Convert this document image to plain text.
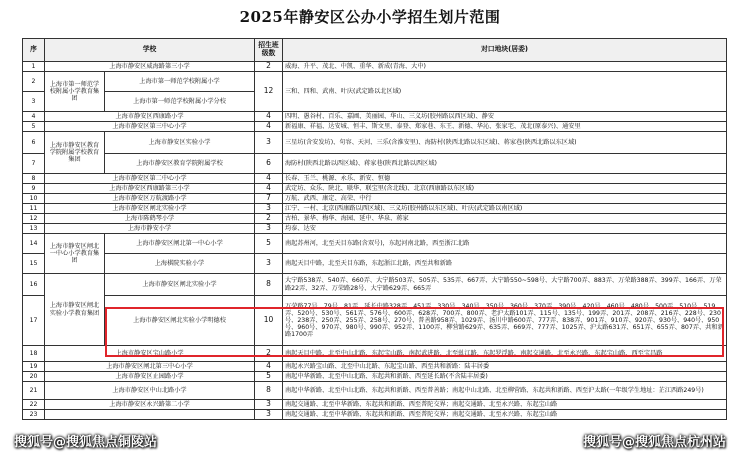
2025年静安区公办小学招生划片范围
序	学校		招生班级数	对口地块(居委)
1	上海市静安区威海路第三小学		2	威海、升平、茂北、中凯、重华、新成(青海、大中)
2	上海市第一师范学校附属小学教育集团	上海市第一师范学校附属小学	12	三和、四和、武南、叶庆(武定路以北区域)
3		上海市第一师范学校附属小学分校		
4	上海市静安区西康路小学		4	四明、愚谷村、百乐、嘉圃、美丽园、华山、三义坊(胶州路以西区域)、静安
5	上海市静安区第三中心小学		4	新福康、祥福、达安城、恒丰、斯文里、泰登、郑家巷、东王、新德、华沁、张家宅、茂北(原泰兴)、通安里
6	上海市静安区教育学院附属学校教育集团	上海市静安区实验小学	3	三星坊(含安发坊)、句容、天河、三乐(含淮安里)、海防村(陕西北路以东区域)、蒋家巷(陕西北路以东区域)
7		上海市静安区教育学院附属学校	6	海防村(陕西北路以西区域)、蒋家巷(陕西北路以西区域)
8	上海市静安区第二中心小学		4	长春、玉兰、桃源、永乐、新安、恒德
9	上海市静安区西康路第三小学		4	武定坊、众乐、陕北、联华、联宝里(含北线)、北京(西康路以东区域)
10	上海市静安区万航渡路小学		7	万航、武西、康定、高荣、中行
11	上海市静安区闸北实验小学		3	江宁、一村、北京(西康路以西区域)、三义坊(胶州路以东区域)、叶庆(武定路以南区域)
12	上海市陈鹤琴小学		2	古柏、景华、梅华、海园、延中、华泉、蒋家
13	上海市静安小学		3	均泰、达安
14	上海市静安区闸北一中心小学教育集团	上海市静安区闸北第一中心小学	5	南起苏州河，北至天目东路(含双号)，东起河南北路，西至浙江北路
15		上海棋院实验小学	3	南起天目中路，北至天目东路，东起浙江北路，西至共和新路
16	上海市静安区闸北实验小学教育集团	上海市静安区闸北实验小学	8	大宁路538弄、540弄、660弄、大宁路503弄、505弄、535弄、667弄、大宁路550~598号、大宁路700弄、883弄、万荣路388弄、399弄、166弄、万荣路22弄、32弄、万荣路28号、大宁路629弄、665弄
17		上海市静安区闸北实验小学明德校	10	万荣路77号、79号、81弄、延长中路328弄、451弄、330号、340号、350号、360号、370弄、390号、420号、460号、480号、500弄、510号、519弄、520号、530号、561弄、576号、600弄、628弄、700弄、800弄、老沪太路101弄、115号、135号、199弄、201弄、208弄、216弄、228号、230号、238弄、250弄、255弄、258号、270号、普善路958弄、1029弄、汤川中路600弄、777弄、838弄、901弄、910弄、920弄、930号、940号、950号、960号、970弄、980号、990弄、952弄、1100弄、柳营路629弄、635弄、669弄、777弄、1025弄、沪太路631弄、651弄、655弄、807弄、共和新路1700弄
18	上海市静安区宝山路小学		2	南起天目中路、北至中山北路、东起宝山路、南起武进路、北至虬江路、东起罗浮路、南起交通路、北至永兴路、东起宝山路、西至宝昌路
19	上海市静安区闸北第三中心小学		4	南起永兴路宝山路、北至中山北路、东起宝山路、西至共和新路：陆丰居委
20	上海市静安区止园路小学		5	南起中华新路、北至中山北路、东起共和新路、西至延长路(不含陆丰居委)
21	上海市静安区中山北路小学		8	南起中华新路、北至中山北路、东起共和新路、西至普善路；南起中山北路、北至柳营路、东起共和新路、西至沪太路(一年级学生地址：芷江西路249号)
22	上海市静安区永兴路第二小学		3	南起交通路、北至中华新路、东起共和新路、西至普陀交界；南起交通路、北至永兴路、东起宝山路
23			3	南起交通路、北至中华新路、东起共和新路、西至普陀交界；南起交通路、北至永兴路、东起宝山路
搜狐号@搜狐焦点铜陵站	搜狐号@搜狐焦点杭州站
